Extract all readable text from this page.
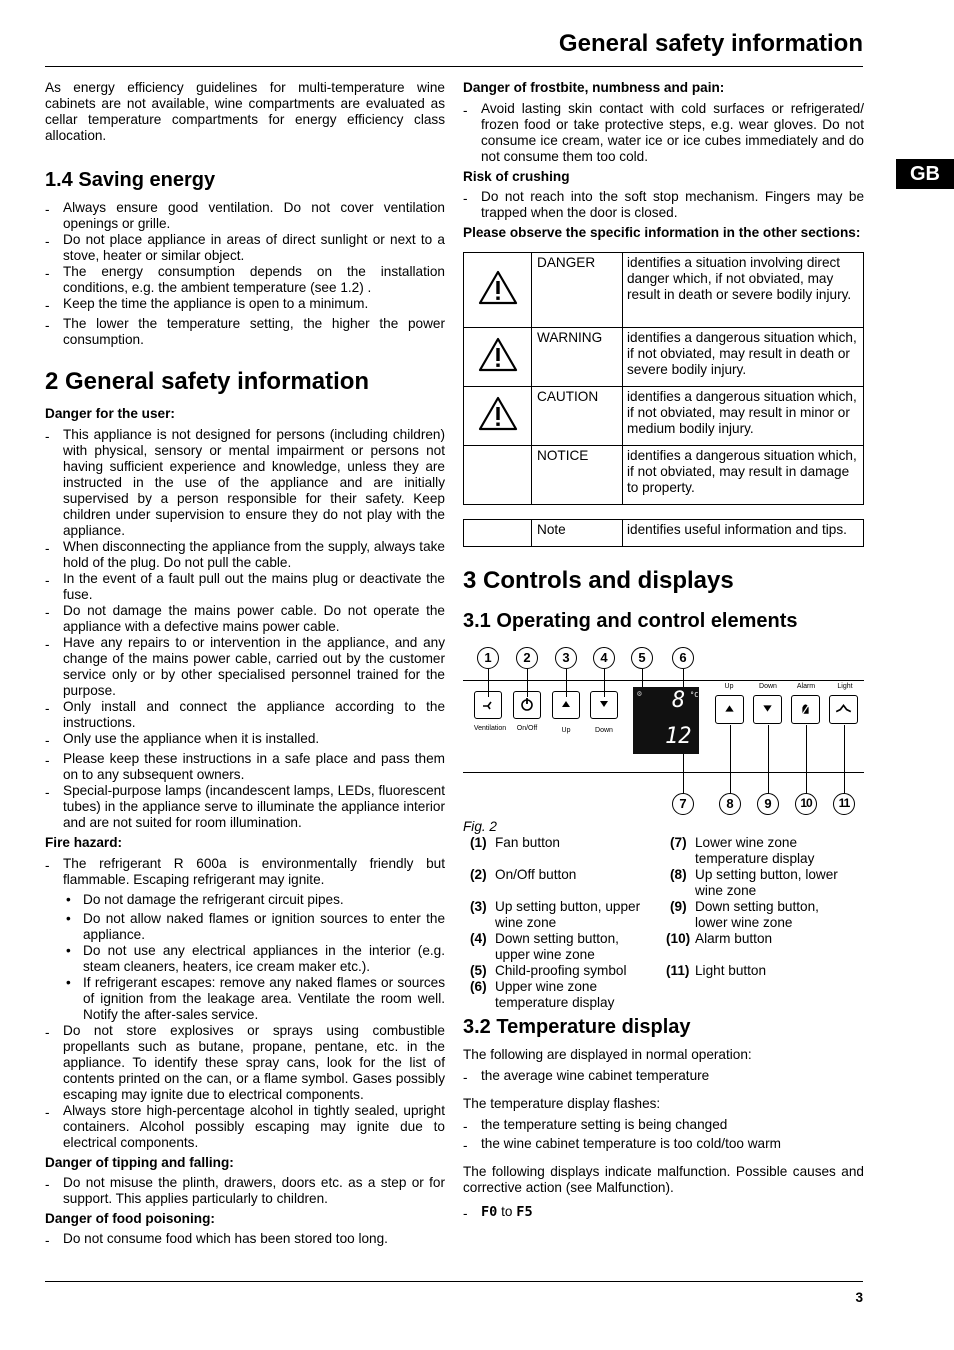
General safety information
GB

As energy efficiency guidelines for multi-temperature wine cabinets are not available, wine compartments are evaluated as cellar temperature compartments for energy efficiency class allocation.

1.4 Saving energy
- Always ensure good ventilation. Do not cover ventilation openings or grille.
- Do not place appliance in areas of direct sunlight or next to a stove, heater or similar object.
- The energy consumption depends on the installation conditions, e.g. the ambient temperature (see 1.2) .
- Keep the time the appliance is open to a minimum.
- The lower the temperature setting, the higher the power consumption.
2 General safety information
Danger for the user:
- This appliance is not designed for persons (including children) with physical, sensory or mental impairment or persons not having sufficient experience and knowledge, unless they are instructed in the use of the appliance and are initially supervised by a person responsible for their safety. Keep children under supervision to ensure they do not play with the appliance.
- When disconnecting the appliance from the supply, always take hold of the plug. Do not pull the cable.
- In the event of a fault pull out the mains plug or deactivate the fuse.
- Do not damage the mains power cable. Do not operate the appliance with a defective mains power cable.
- Have any repairs to or intervention in the appliance, and any change of the mains power cable, carried out by the customer service only or by other specialised personnel trained for the purpose.
- Only install and connect the appliance according to the instructions.
- Only use the appliance when it is installed.
- Please keep these instructions in a safe place and pass them on to any subsequent owners.
- Special-purpose lamps (incandescent lamps, LEDs, fluorescent tubes) in the appliance serve to illuminate the appliance interior and are not suited for room illumination.
Fire hazard:
- The refrigerant R 600a is environmentally friendly but flammable. Escaping refrigerant may ignite.
• Do not damage the refrigerant circuit pipes.
• Do not allow naked flames or ignition sources to enter the appliance.
• Do not use any electrical appliances in the interior (e.g. steam cleaners, heaters, ice cream maker etc.).
• If refrigerant escapes: remove any naked flames or sources of ignition from the leakage area. Ventilate the room well. Notify the after-sales service.
- Do not store explosives or sprays using combustible propellants such as butane, propane, pentane, etc. in the appliance. To identify these spray cans, look for the list of contents printed on the can, or a flame symbol. Gases possibly escaping may ignite due to electrical components.
- Always store high-percentage alcohol in tightly sealed, upright containers. Alcohol possibly escaping may ignite due to electrical components.
Danger of tipping and falling:
- Do not misuse the plinth, drawers, doors etc. as a step or for support. This applies particularly to children.
Danger of food poisoning:
- Do not consume food which has been stored too long.
Danger of frostbite, numbness and pain:
- Avoid lasting skin contact with cold surfaces or refrigerated/ frozen food or take protective steps, e.g. wear gloves. Do not consume ice cream, water ice or ice cubes immediately and do not consume them too cold.
Risk of crushing
- Do not reach into the soft stop mechanism. Fingers may be trapped when the door is closed.

Please observe the specific information in the other sections:

	DANGER	identifies a situation involving direct danger which, if not obviated, may result in death or severe bodily injury.
	WARNING	identifies a dangerous situation which, if not obviated, may result in death or severe bodily injury.
	CAUTION	identifies a dangerous situation which, if not obviated, may result in minor or medium bodily injury.
	NOTICE	identifies a dangerous situation which, if not obviated, may result in damage to property.
	Note	identifies useful information and tips.
3 Controls and displays
3.1 Operating and control elements
1	2	3	4	5	6
Ventilation	On/Off	Up	Down
⚙ 8 °C
12
Up	Down	Alarm	Light
7	8	9	10	11
Fig. 2
(1) Fan button
(2) On/Off button
(3) Up setting button, upper wine zone
(4) Down setting button, upper wine zone
(5) Child-proofing symbol
(6) Upper wine zone temperature display
(7) Lower wine zone temperature display
(8) Up setting button, lower wine zone
(9) Down setting button, lower wine zone
(10) Alarm button
(11) Light button
3.2 Temperature display

The following are displayed in normal operation:

- the average wine cabinet temperature

The temperature display flashes:

- the temperature setting is being changed
- the wine cabinet temperature is too cold/too warm

The following displays indicate malfunction. Possible causes and corrective action (see Malfunction).

- F0 to F5
3
